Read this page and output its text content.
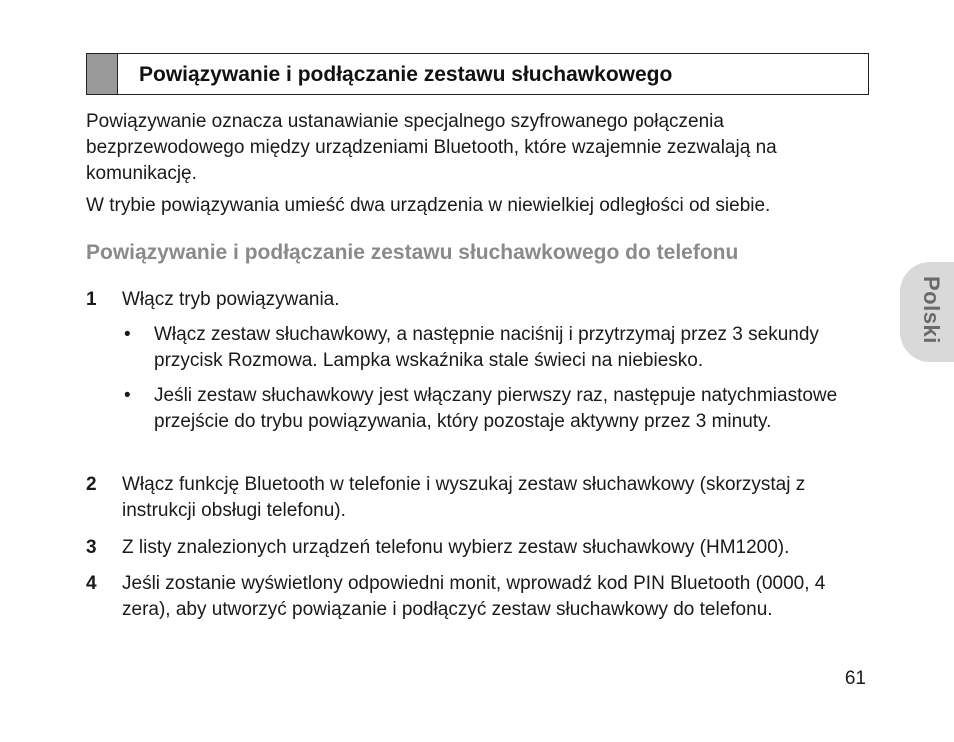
Powiązywanie i podłączanie zestawu słuchawkowego

Powiązywanie oznacza ustanawianie specjalnego szyfrowanego połączenia bezprzewodowego między urządzeniami Bluetooth, które wzajemnie zezwalają na komunikację.

W trybie powiązywania umieść dwa urządzenia w niewielkiej odległości od siebie.

Powiązywanie i podłączanie zestawu słuchawkowego do telefonu
1 Włącz tryb powiązywania.
• Włącz zestaw słuchawkowy, a następnie naciśnij i przytrzymaj przez 3 sekundy przycisk Rozmowa. Lampka wskaźnika stale świeci na niebiesko.
• Jeśli zestaw słuchawkowy jest włączany pierwszy raz, następuje natychmiastowe przejście do trybu powiązywania, który pozostaje aktywny przez 3 minuty.
2 Włącz funkcję Bluetooth w telefonie i wyszukaj zestaw słuchawkowy (skorzystaj z instrukcji obsługi telefonu).
3 Z listy znalezionych urządzeń telefonu wybierz zestaw słuchawkowy (HM1200).
4 Jeśli zostanie wyświetlony odpowiedni monit, wprowadź kod PIN Bluetooth (0000, 4 zera), aby utworzyć powiązanie i podłączyć zestaw słuchawkowy do telefonu.
Polski
61
